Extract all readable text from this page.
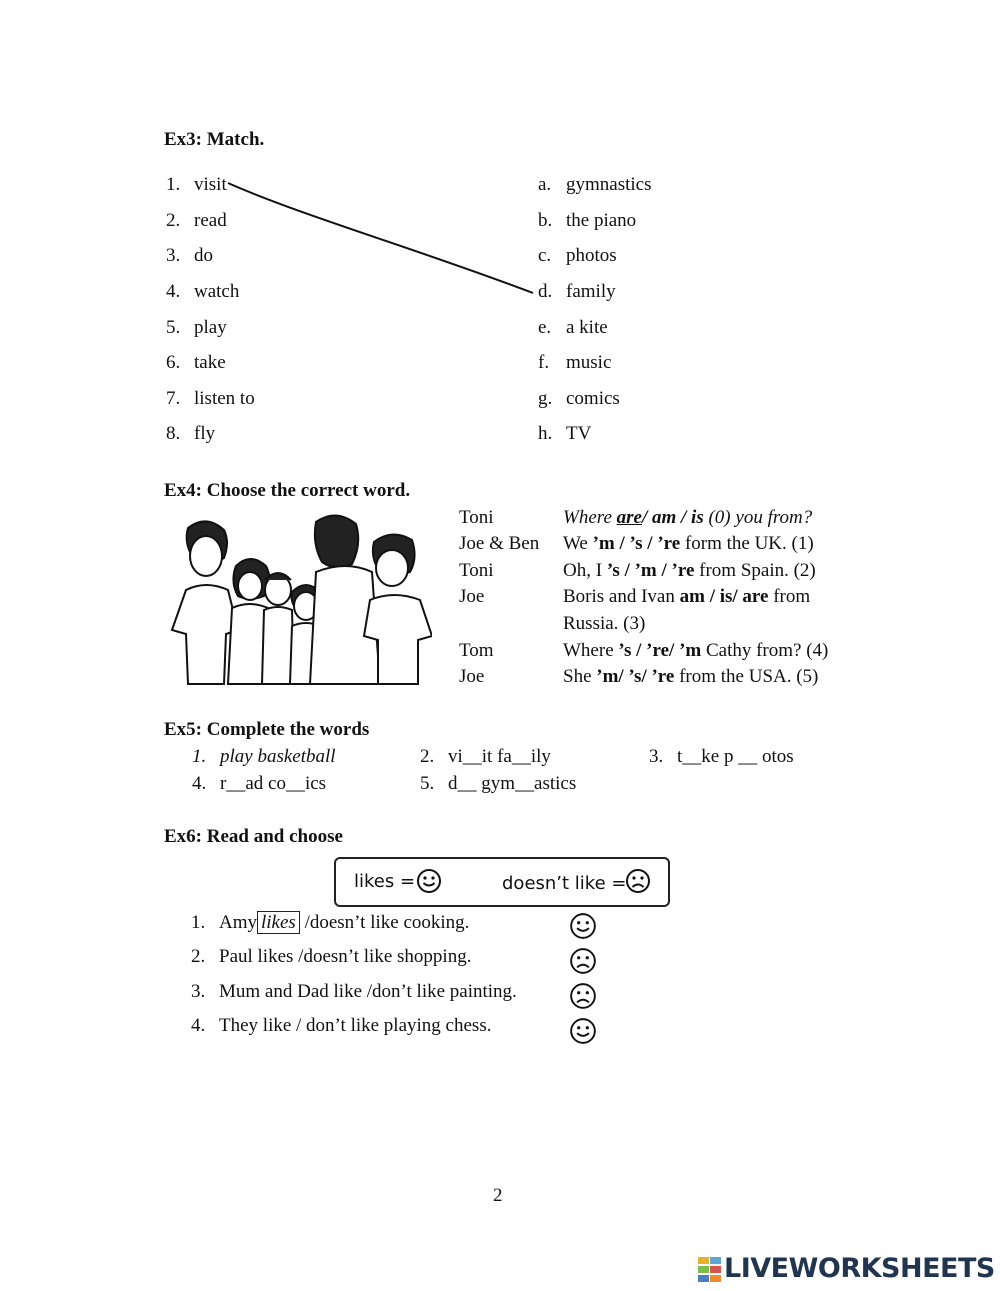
Ex3: Match.
1. visit
2. read
3. do
4. watch
5. play
6. take
7. listen to
8. fly
a. gymnastics
b. the piano
c. photos
d. family
e. a kite
f. music
g. comics
h. TV
Ex4: Choose the correct word.
Toni	Where are/ am / is (0) you from?
Joe & Ben We ’m / ’s / ’re form the UK. (1)
Toni	Oh, I ’s / ’m / ’re from Spain. (2)
Joe	Boris and Ivan am / is/ are from
Russia. (3)
Tom	Where ’s / ’re/ ’m Cathy from? (4)
Joe	She ’m/ ’s/ ’re from the USA. (5)
Ex5: Complete the words
1. play basketball	2. vi__it fa__ily	3. t__ke p __ otos
4. r__ad co__ics	5. d__ gym__astics
Ex6: Read and choose
likes =	doesn’t like =
1. Amy likes /doesn’t like cooking.
2. Paul likes /doesn’t like shopping.
3. Mum and Dad like /don’t like painting.
4. They like / don’t like playing chess.
2
LIVEWORKSHEETS
